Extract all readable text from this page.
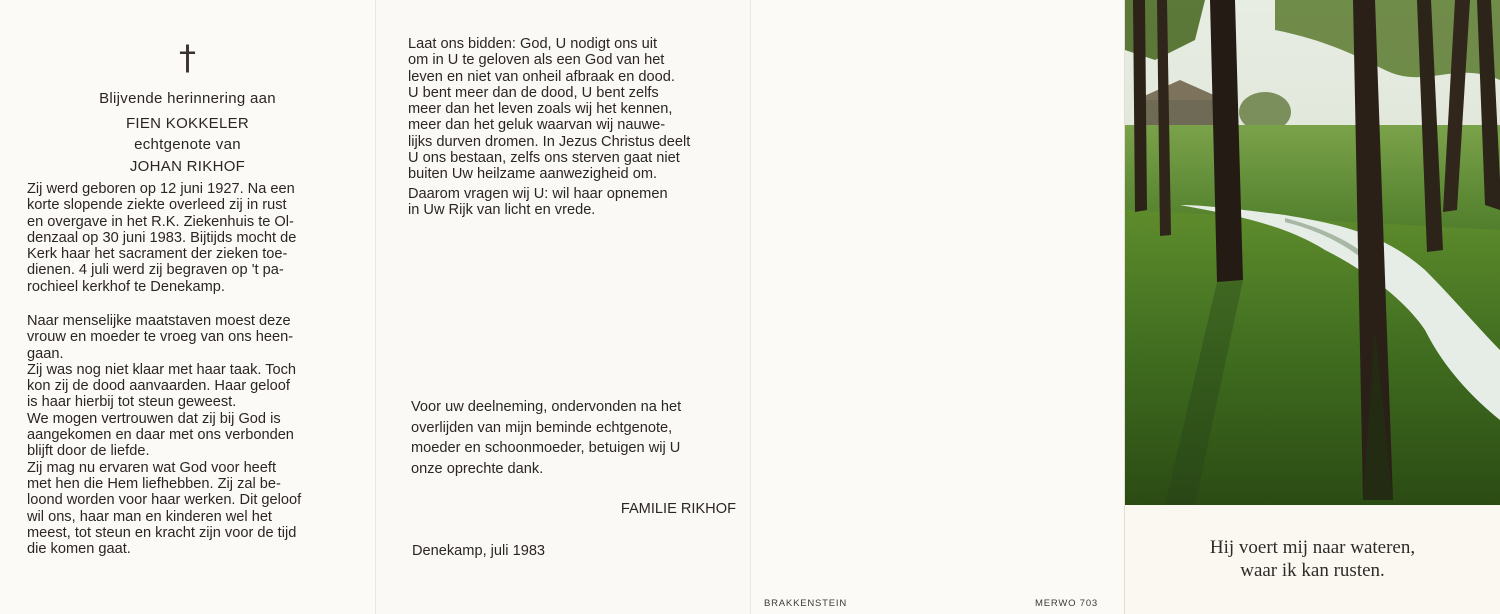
†
Blijvende herinnering aan
FIEN KOKKELER
echtgenote van
JOHAN RIKHOF

Zij werd geboren op 12 juni 1927. Na een

korte slopende ziekte overleed zij in rust

en overgave in het R.K. Ziekenhuis te Ol-

denzaal op 30 juni 1983. Bijtijds mocht de

Kerk haar het sacrament der zieken toe-

dienen. 4 juli werd zij begraven op 't pa-

rochieel kerkhof te Denekamp.

Naar menselijke maatstaven moest deze

vrouw en moeder te vroeg van ons heen-

gaan.

Zij was nog niet klaar met haar taak. Toch

kon zij de dood aanvaarden. Haar geloof

is haar hierbij tot steun geweest.

We mogen vertrouwen dat zij bij God is

aangekomen en daar met ons verbonden

blijft door de liefde.

Zij mag nu ervaren wat God voor heeft

met hen die Hem liefhebben. Zij zal be-

loond worden voor haar werken. Dit geloof

wil ons, haar man en kinderen wel het

meest, tot steun en kracht zijn voor de tijd

die komen gaat.

Laat ons bidden: God, U nodigt ons uit

om in U te geloven als een God van het

leven en niet van onheil afbraak en dood.

U bent meer dan de dood, U bent zelfs

meer dan het leven zoals wij het kennen,

meer dan het geluk waarvan wij nauwe-

lijks durven dromen. In Jezus Christus deelt

U ons bestaan, zelfs ons sterven gaat niet

buiten Uw heilzame aanwezigheid om.

Daarom vragen wij U: wil haar opnemen

in Uw Rijk van licht en vrede.

Voor uw deelneming, ondervonden na het

overlijden van mijn beminde echtgenote,

moeder en schoonmoeder, betuigen wij U

onze oprechte dank.

FAMILIE RIKHOF
Denekamp, juli 1983
BRAKKENSTEIN	MERWO 703
Hij voert mij naar wateren,
waar ik kan rusten.
